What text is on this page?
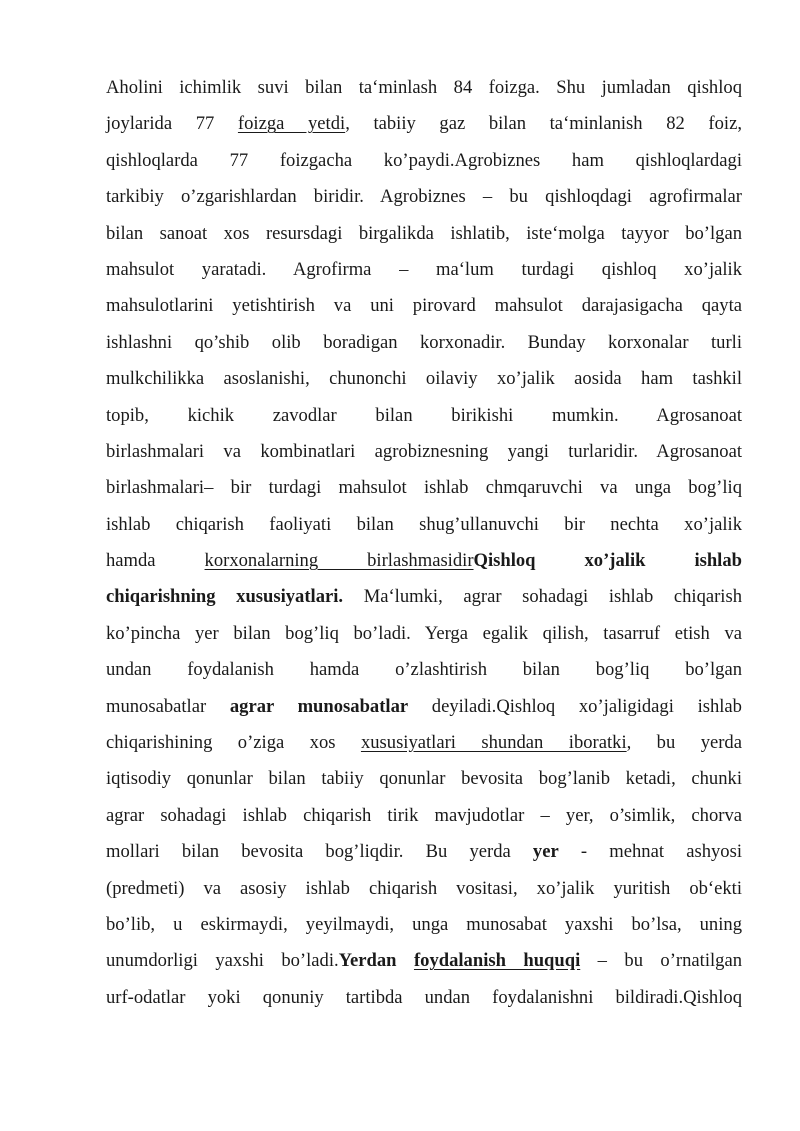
Aholini ichimlik suvi bilan ta‘minlash 84 foizga. Shu jumladan qishloq
joylarida 77 foizga yetdi, tabiiy gaz bilan ta‘minlanish 82 foiz,
qishloqlarda 77 foizgacha ko’paydi.Agrobiznes ham qishloqlardagi
tarkibiy o’zgarishlardan biridir. Agrobiznes – bu qishloqdagi agrofirmalar
bilan sanoat xos resursdagi birgalikda ishlatib, iste‘molga tayyor bo’lgan
mahsulot yaratadi. Agrofirma – ma‘lum turdagi qishloq xo’jalik
mahsulotlarini yetishtirish va uni pirovard mahsulot darajasigacha qayta
ishlashni qo’shib olib boradigan korxonadir. Bunday korxonalar turli
mulkchilikka asoslanishi, chunonchi oilaviy xo’jalik aosida ham tashkil
topib, kichik zavodlar bilan birikishi mumkin. Agrosanoat
birlashmalari va kombinatlari agrobiznesning yangi turlaridir. Agrosanoat
birlashmalari– bir turdagi mahsulot ishlab chmqaruvchi va unga bog’liq
ishlab chiqarish faoliyati bilan shug’ullanuvchi bir nechta xo’jalik
hamda korxonalarning birlashmasidirQishloq xo’jalik ishlab
chiqarishning xususiyatlari. Ma‘lumki, agrar sohadagi ishlab chiqarish
ko’pincha yer bilan bog’liq bo’ladi. Yerga egalik qilish, tasarruf etish va
undan foydalanish hamda o’zlashtirish bilan bog’liq bo’lgan
munosabatlar agrar munosabatlar deyiladi.Qishloq xo’jaligidagi ishlab
chiqarishining o’ziga xos xususiyatlari shundan iboratki, bu yerda
iqtisodiy qonunlar bilan tabiiy qonunlar bevosita bog’lanib ketadi, chunki
agrar sohadagi ishlab chiqarish tirik mavjudotlar – yer, o’simlik, chorva
mollari bilan bevosita bog’liqdir. Bu yerda yer - mehnat ashyosi
(predmeti) va asosiy ishlab chiqarish vositasi, xo’jalik yuritish ob‘ekti
bo’lib, u eskirmaydi, yeyilmaydi, unga munosabat yaxshi bo’lsa, uning
unumdorligi yaxshi bo’ladi.Yerdan foydalanish huquqi – bu o’rnatilgan
urf-odatlar yoki qonuniy tartibda undan foydalanishni bildiradi.Qishloq
